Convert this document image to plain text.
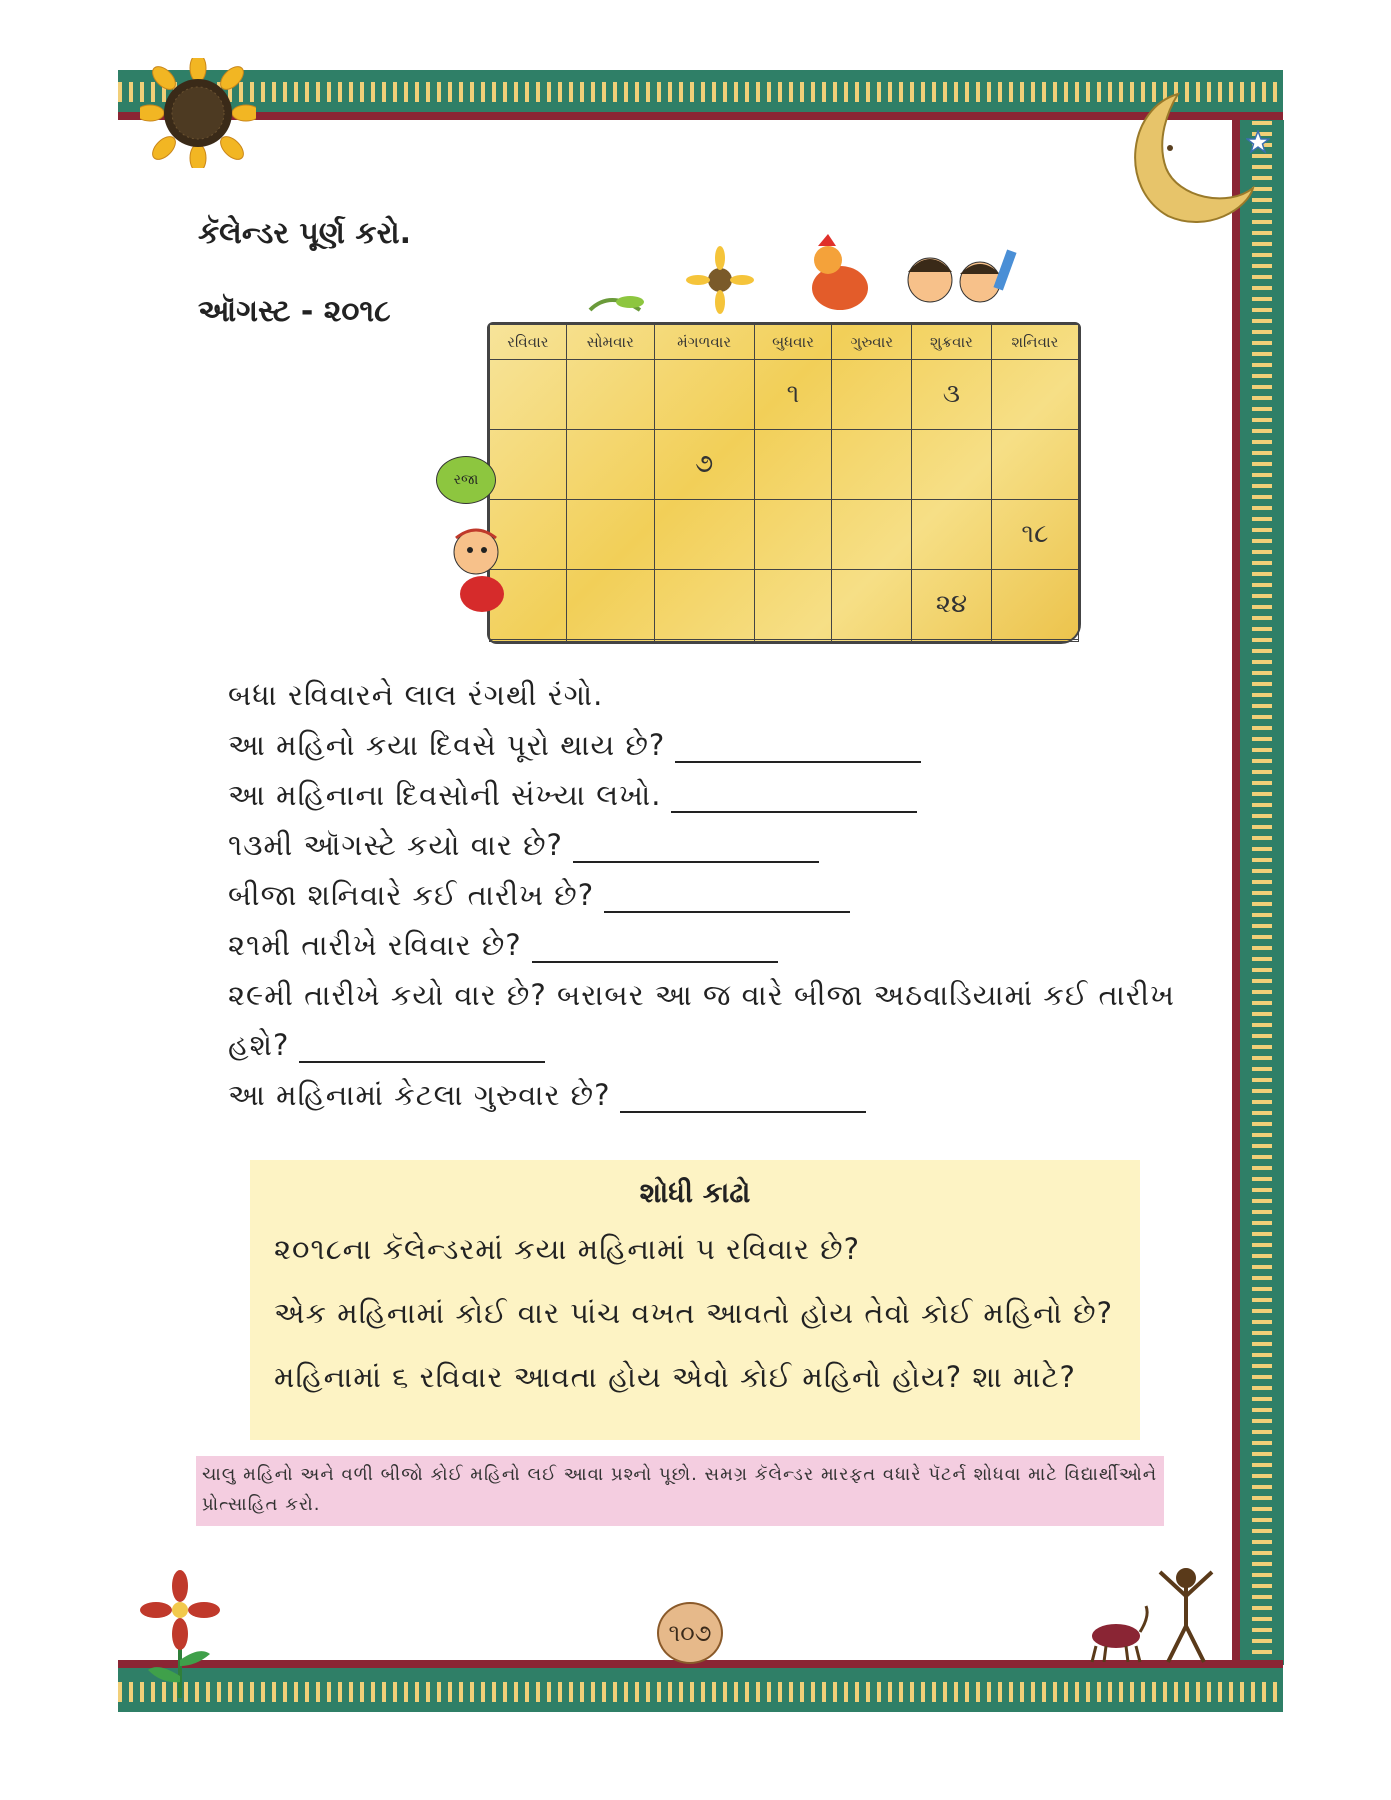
કૅલેન્ડર પૂર્ણ કરો.
ઑગસ્ટ - ૨૦૧૮
રવિવાર	સોમવાર	મંગળવાર	બુધવાર	ગુરુવાર	શુક્રવાર	શનિવાર
			૧		૩	
		૭				
						૧૮
					૨૪	

રજા
બધા રવિવારને લાલ રંગથી રંગો.
આ મહિનો કયા દિવસે પૂરો થાય છે?
આ મહિનાના દિવસોની સંખ્યા લખો.
૧૩મી ઑગસ્ટે કયો વાર છે?
બીજા શનિવારે કઈ તારીખ છે?
૨૧મી તારીખે રવિવાર છે?
૨૯મી તારીખે કયો વાર છે? બરાબર આ જ વારે બીજા અઠવાડિયામાં કઈ તારીખ
હશે?
આ મહિનામાં કેટલા ગુરુવાર છે?
શોધી કાઢો
૨૦૧૮ના કૅલેન્ડરમાં કયા મહિનામાં ૫ રવિવાર છે?
એક મહિનામાં કોઈ વાર પાંચ વખત આવતો હોય તેવો કોઈ મહિનો છે?
મહિનામાં ૬ રવિવાર આવતા હોય એવો કોઈ મહિનો હોય? શા માટે?
ચાલુ મહિનો અને વળી બીજો કોઈ મહિનો લઈ આવા પ્રશ્નો પૂછો. સમગ્ર કૅલેન્ડર મારફત વધારે પૅટર્ન શોધવા માટે વિદ્યાર્થીઓને પ્રોત્સાહિત કરો.
૧૦૭
